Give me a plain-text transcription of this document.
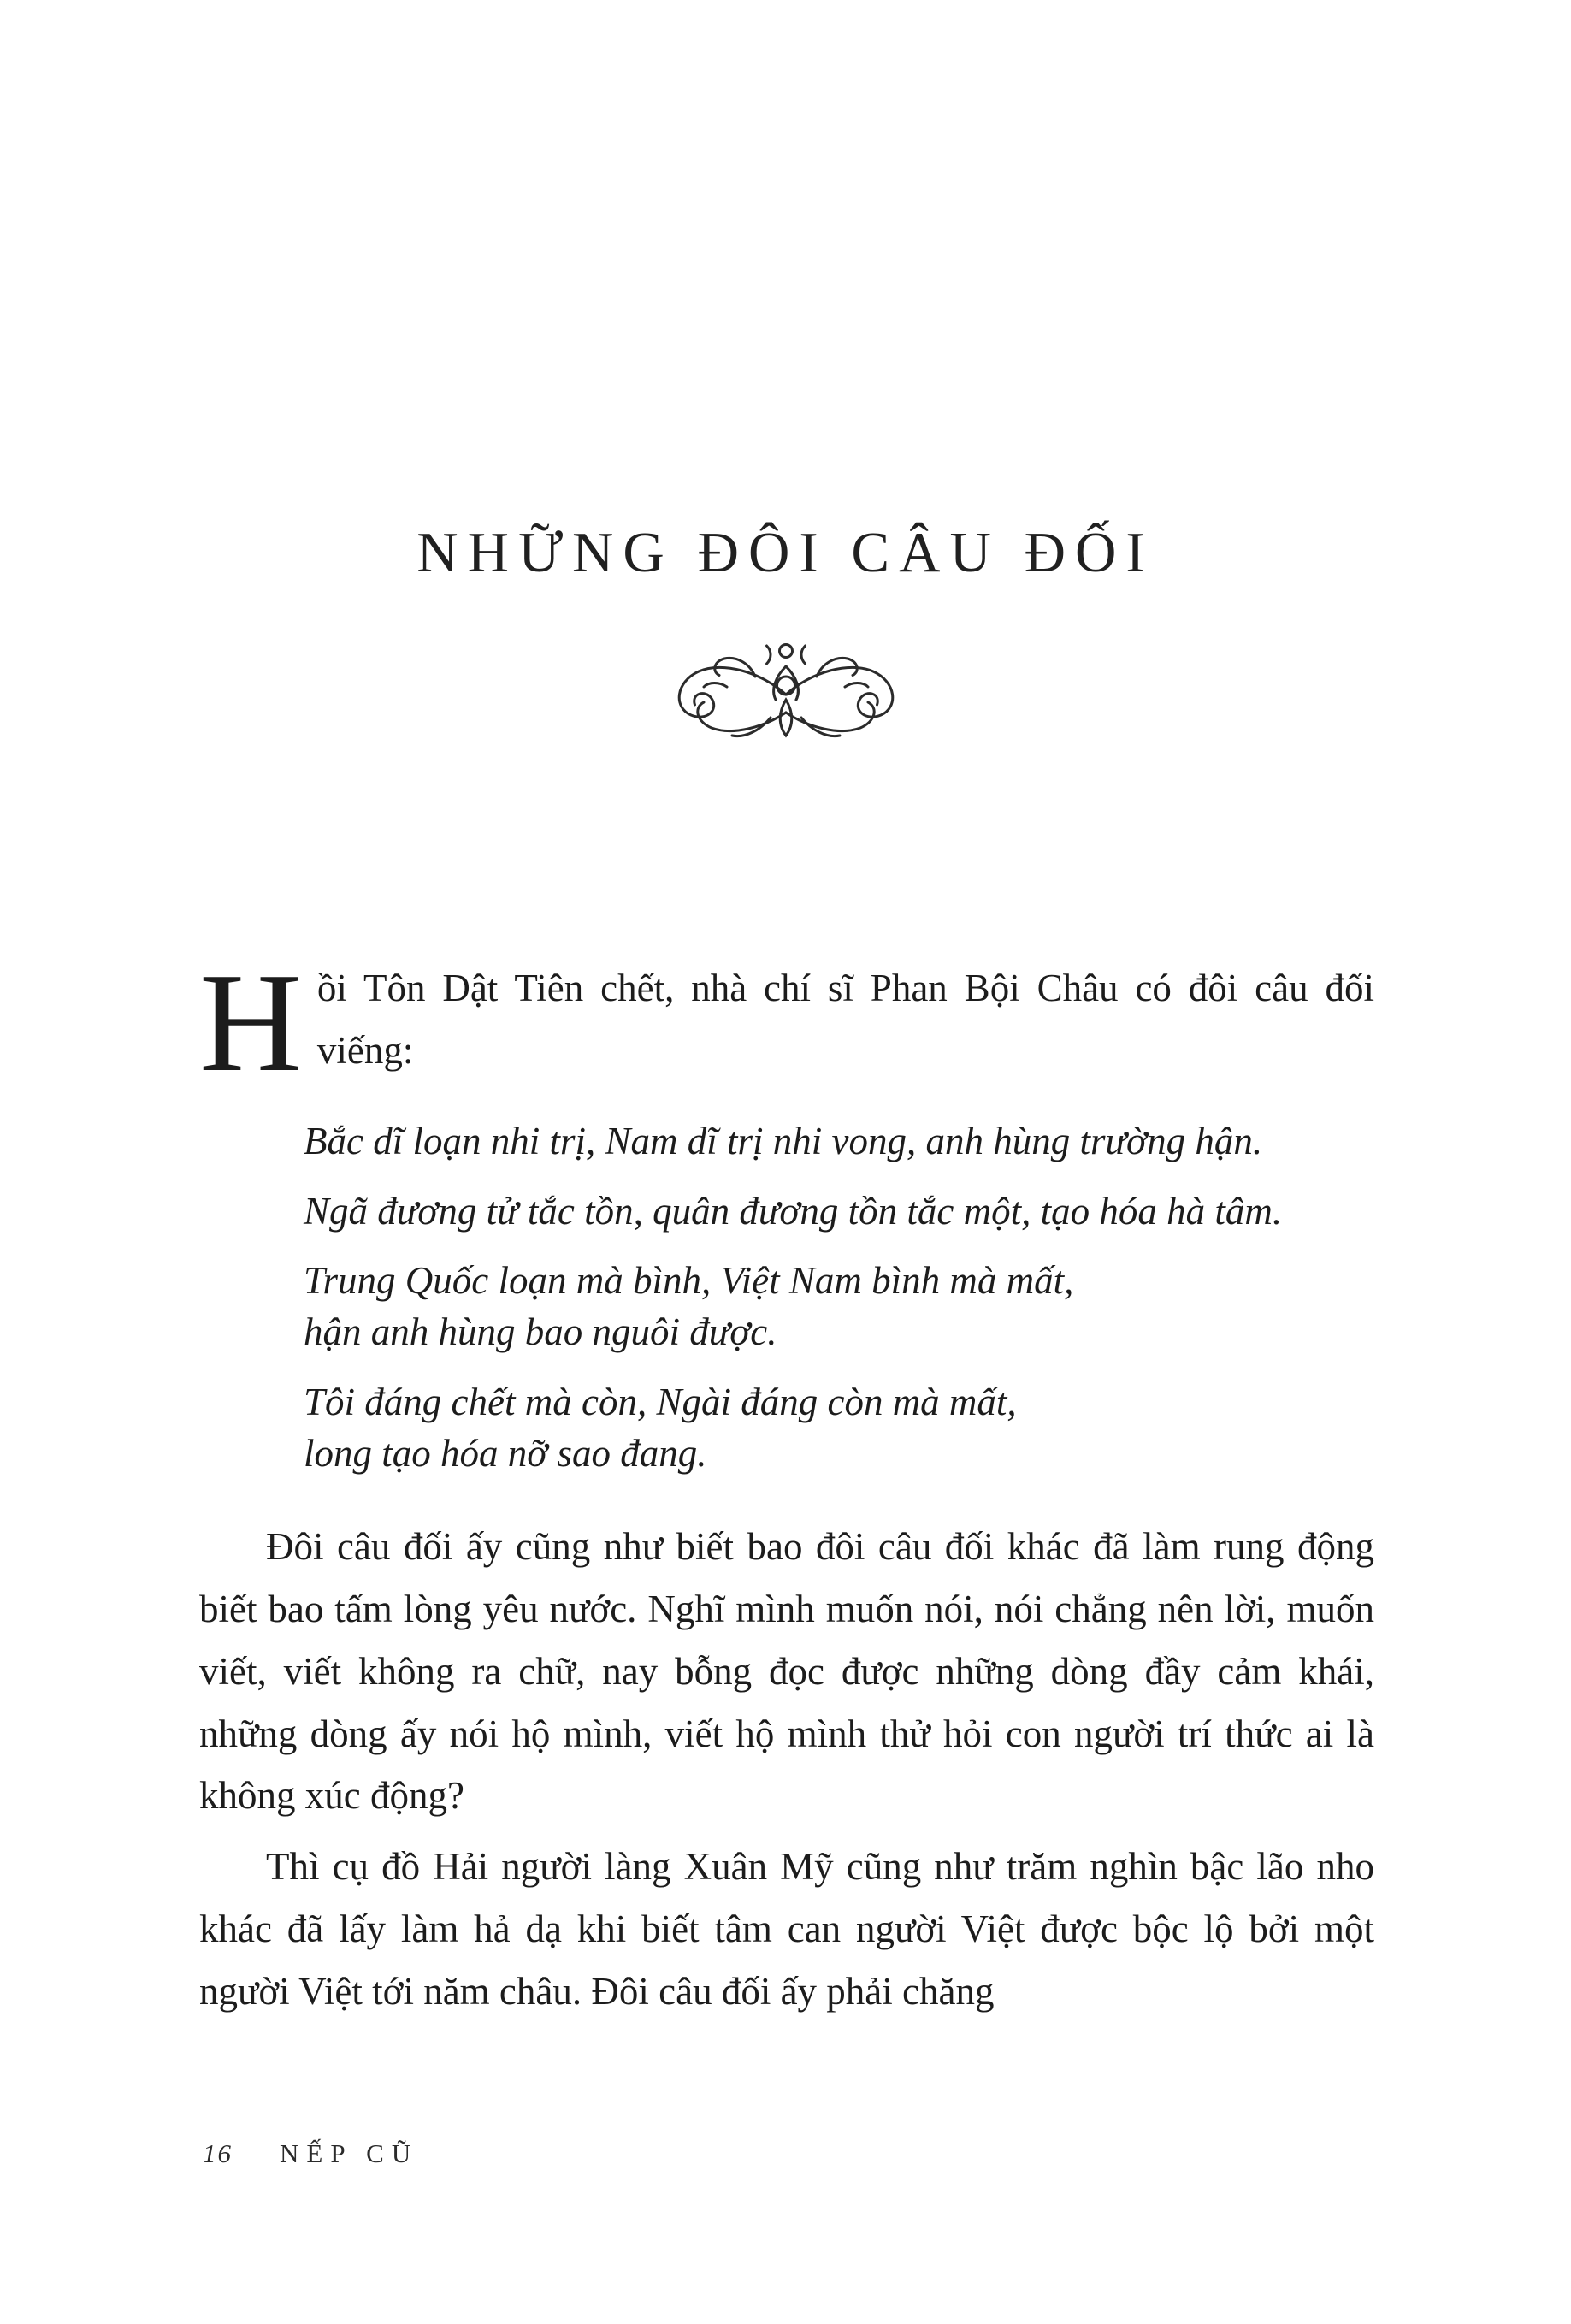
NHỮNG ĐÔI CÂU ĐỐI

Hồi Tôn Dật Tiên chết, nhà chí sĩ Phan Bội Châu có đôi câu đối viếng:

Bắc dĩ loạn nhi trị, Nam dĩ trị nhi vong, anh hùng trường hận.

Ngã đương tử tắc tồn, quân đương tồn tắc một, tạo hóa hà tâm.

Trung Quốc loạn mà bình, Việt Nam bình mà mất,

hận anh hùng bao nguôi được.

Tôi đáng chết mà còn, Ngài đáng còn mà mất,

long tạo hóa nỡ sao đang.

Đôi câu đối ấy cũng như biết bao đôi câu đối khác đã làm rung động biết bao tấm lòng yêu nước. Nghĩ mình muốn nói, nói chẳng nên lời, muốn viết, viết không ra chữ, nay bỗng đọc được những dòng đầy cảm khái, những dòng ấy nói hộ mình, viết hộ mình thử hỏi con người trí thức ai là không xúc động?

Thì cụ đồ Hải người làng Xuân Mỹ cũng như trăm nghìn bậc lão nho khác đã lấy làm hả dạ khi biết tâm can người Việt được bộc lộ bởi một người Việt tới năm châu. Đôi câu đối ấy phải chăng

16 NẾP CŨ
